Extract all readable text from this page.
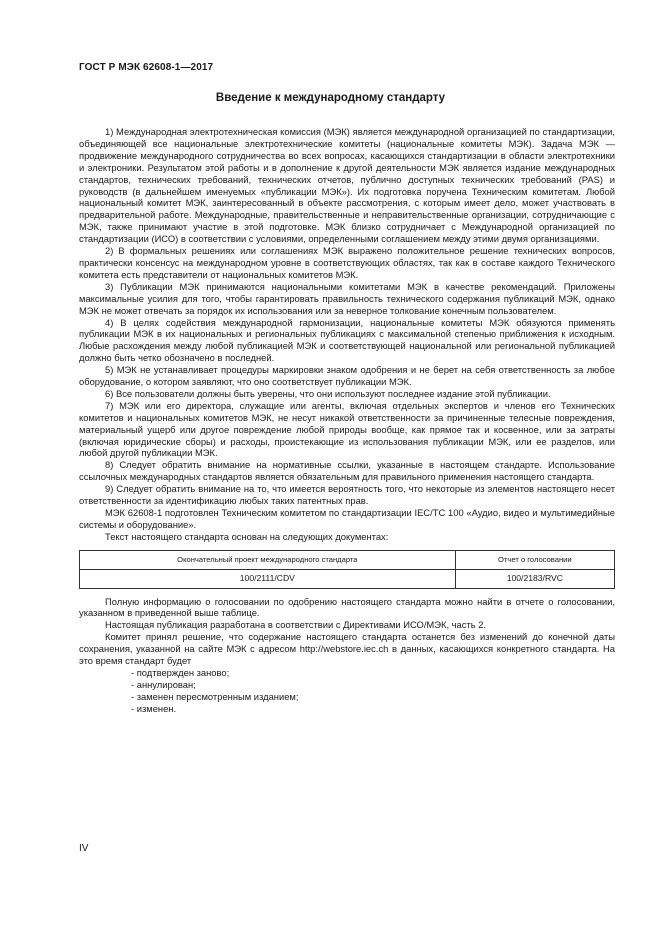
ГОСТ Р МЭК 62608-1—2017
Введение к международному стандарту

1) Международная электротехническая комиссия (МЭК) является международной организацией по стандартизации, объединяющей все национальные электротехнические комитеты (национальные комитеты МЭК). Задача МЭК — продвижение международного сотрудничества во всех вопросах, касающихся стандартизации в области электротехники и электроники. Результатом этой работы и в дополнение к другой деятельности МЭК является издание международных стандартов, технических требований, технических отчетов, публично доступных технических требований (PAS) и руководств (в дальнейшем именуемых «публикации МЭК»). Их подготовка поручена Техническим комитетам. Любой национальный комитет МЭК, заинтересованный в объекте рассмотрения, с которым имеет дело, может участвовать в предварительной работе. Международные, правительственные и неправительственные организации, сотрудничающие с МЭК, также принимают участие в этой подготовке. МЭК близко сотрудничает с Международной организацией по стандартизации (ИСО) в соответствии с условиями, определенными соглашением между этими двумя организациями.

2) В формальных решениях или соглашениях МЭК выражено положительное решение технических вопросов, практически консенсус на международном уровне в соответствующих областях, так как в составе каждого Технического комитета есть представители от национальных комитетов МЭК.

3) Публикации МЭК принимаются национальными комитетами МЭК в качестве рекомендаций. Приложены максимальные усилия для того, чтобы гарантировать правильность технического содержания публикаций МЭК, однако МЭК не может отвечать за порядок их использования или за неверное толкование конечным пользователем.

4) В целях содействия международной гармонизации, национальные комитеты МЭК обязуются применять публикации МЭК в их национальных и региональных публикациях с максимальной степенью приближения к исходным. Любые расхождения между любой публикацией МЭК и соответствующей национальной или региональной публикацией должно быть четко обозначено в последней.

5) МЭК не устанавливает процедуры маркировки знаком одобрения и не берет на себя ответственность за любое оборудование, о котором заявляют, что оно соответствует публикации МЭК.

6) Все пользователи должны быть уверены, что они используют последнее издание этой публикации.

7) МЭК или его директора, служащие или агенты, включая отдельных экспертов и членов его Технических комитетов и национальных комитетов МЭК, не несут никакой ответственности за причиненные телесные повреждения, материальный ущерб или другое повреждение любой природы вообще, как прямое так и косвенное, или за затраты (включая юридические сборы) и расходы, проистекающие из использования публикации МЭК, или ее разделов, или любой другой публикации МЭК.

8) Следует обратить внимание на нормативные ссылки, указанные в настоящем стандарте. Использование ссылочных международных стандартов является обязательным для правильного применения настоящего стандарта.

9) Следует обратить внимание на то, что имеется вероятность того, что некоторые из элементов настоящего несет ответственности за идентификацию любых таких патентных прав.

МЭК 62608-1 подготовлен Техническим комитетом по стандартизации IEC/TC 100 «Аудио, видео и мультимедийные системы и оборудование».

Текст настоящего стандарта основан на следующих документах:

Окончательный проект международного стандарта	Отчет о голосовании
100/2111/CDV	100/2183/RVC

Полную информацию о голосовании по одобрению настоящего стандарта можно найти в отчете о голосовании, указанном в приведенной выше таблице.

Настоящая публикация разработана в соответствии с Директивами ИСО/МЭК, часть 2.

Комитет принял решение, что содержание настоящего стандарта останется без изменений до конечной даты сохранения, указанной на сайте МЭК с адресом http://webstore.iec.ch в данных, касающихся конкретного стандарта. На это время стандарт будет

- подтвержден заново;

- аннулирован;

- заменен пересмотренным изданием;

- изменен.

IV
